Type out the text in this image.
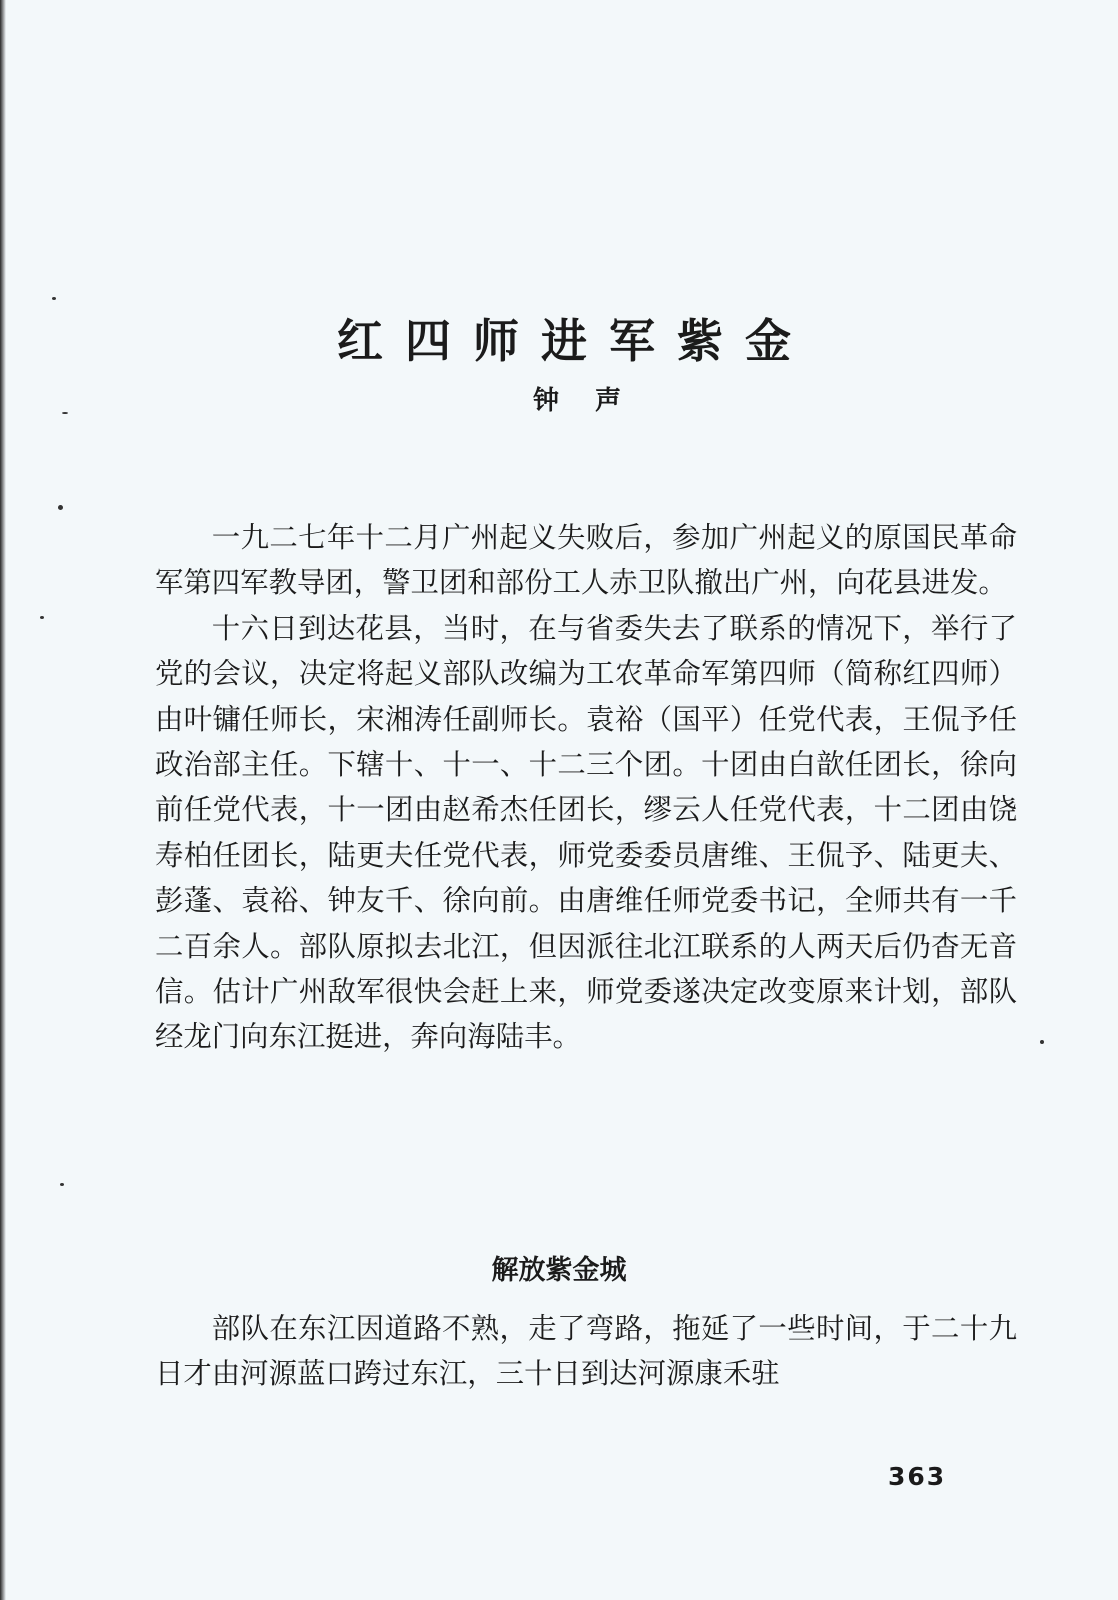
红四师进军紫金
钟声

一九二七年十二月广州起义失败后，参加广州起义的原国民革命军第四军教导团，警卫团和部份工人赤卫队撤出广州，向花县进发。

十六日到达花县，当时，在与省委失去了联系的情况下，举行了党的会议，决定将起义部队改编为工农革命军第四师（简称红四师）由叶镛任师长，宋湘涛任副师长。袁裕（国平）任党代表，王侃予任政治部主任。下辖十、十一、十二三个团。十团由白歆任团长，徐向前任党代表，十一团由赵希杰任团长，缪云人任党代表，十二团由饶寿柏任团长，陆更夫任党代表，师党委委员唐维、王侃予、陆更夫、彭蓬、袁裕、钟友千、徐向前。由唐维任师党委书记，全师共有一千二百余人。部队原拟去北江，但因派往北江联系的人两天后仍杳无音信。估计广州敌军很快会赶上来，师党委遂决定改变原来计划，部队经龙门向东江挺进，奔向海陆丰。

解放紫金城

部队在东江因道路不熟，走了弯路，拖延了一些时间，于二十九日才由河源蓝口跨过东江，三十日到达河源康禾驻

363
